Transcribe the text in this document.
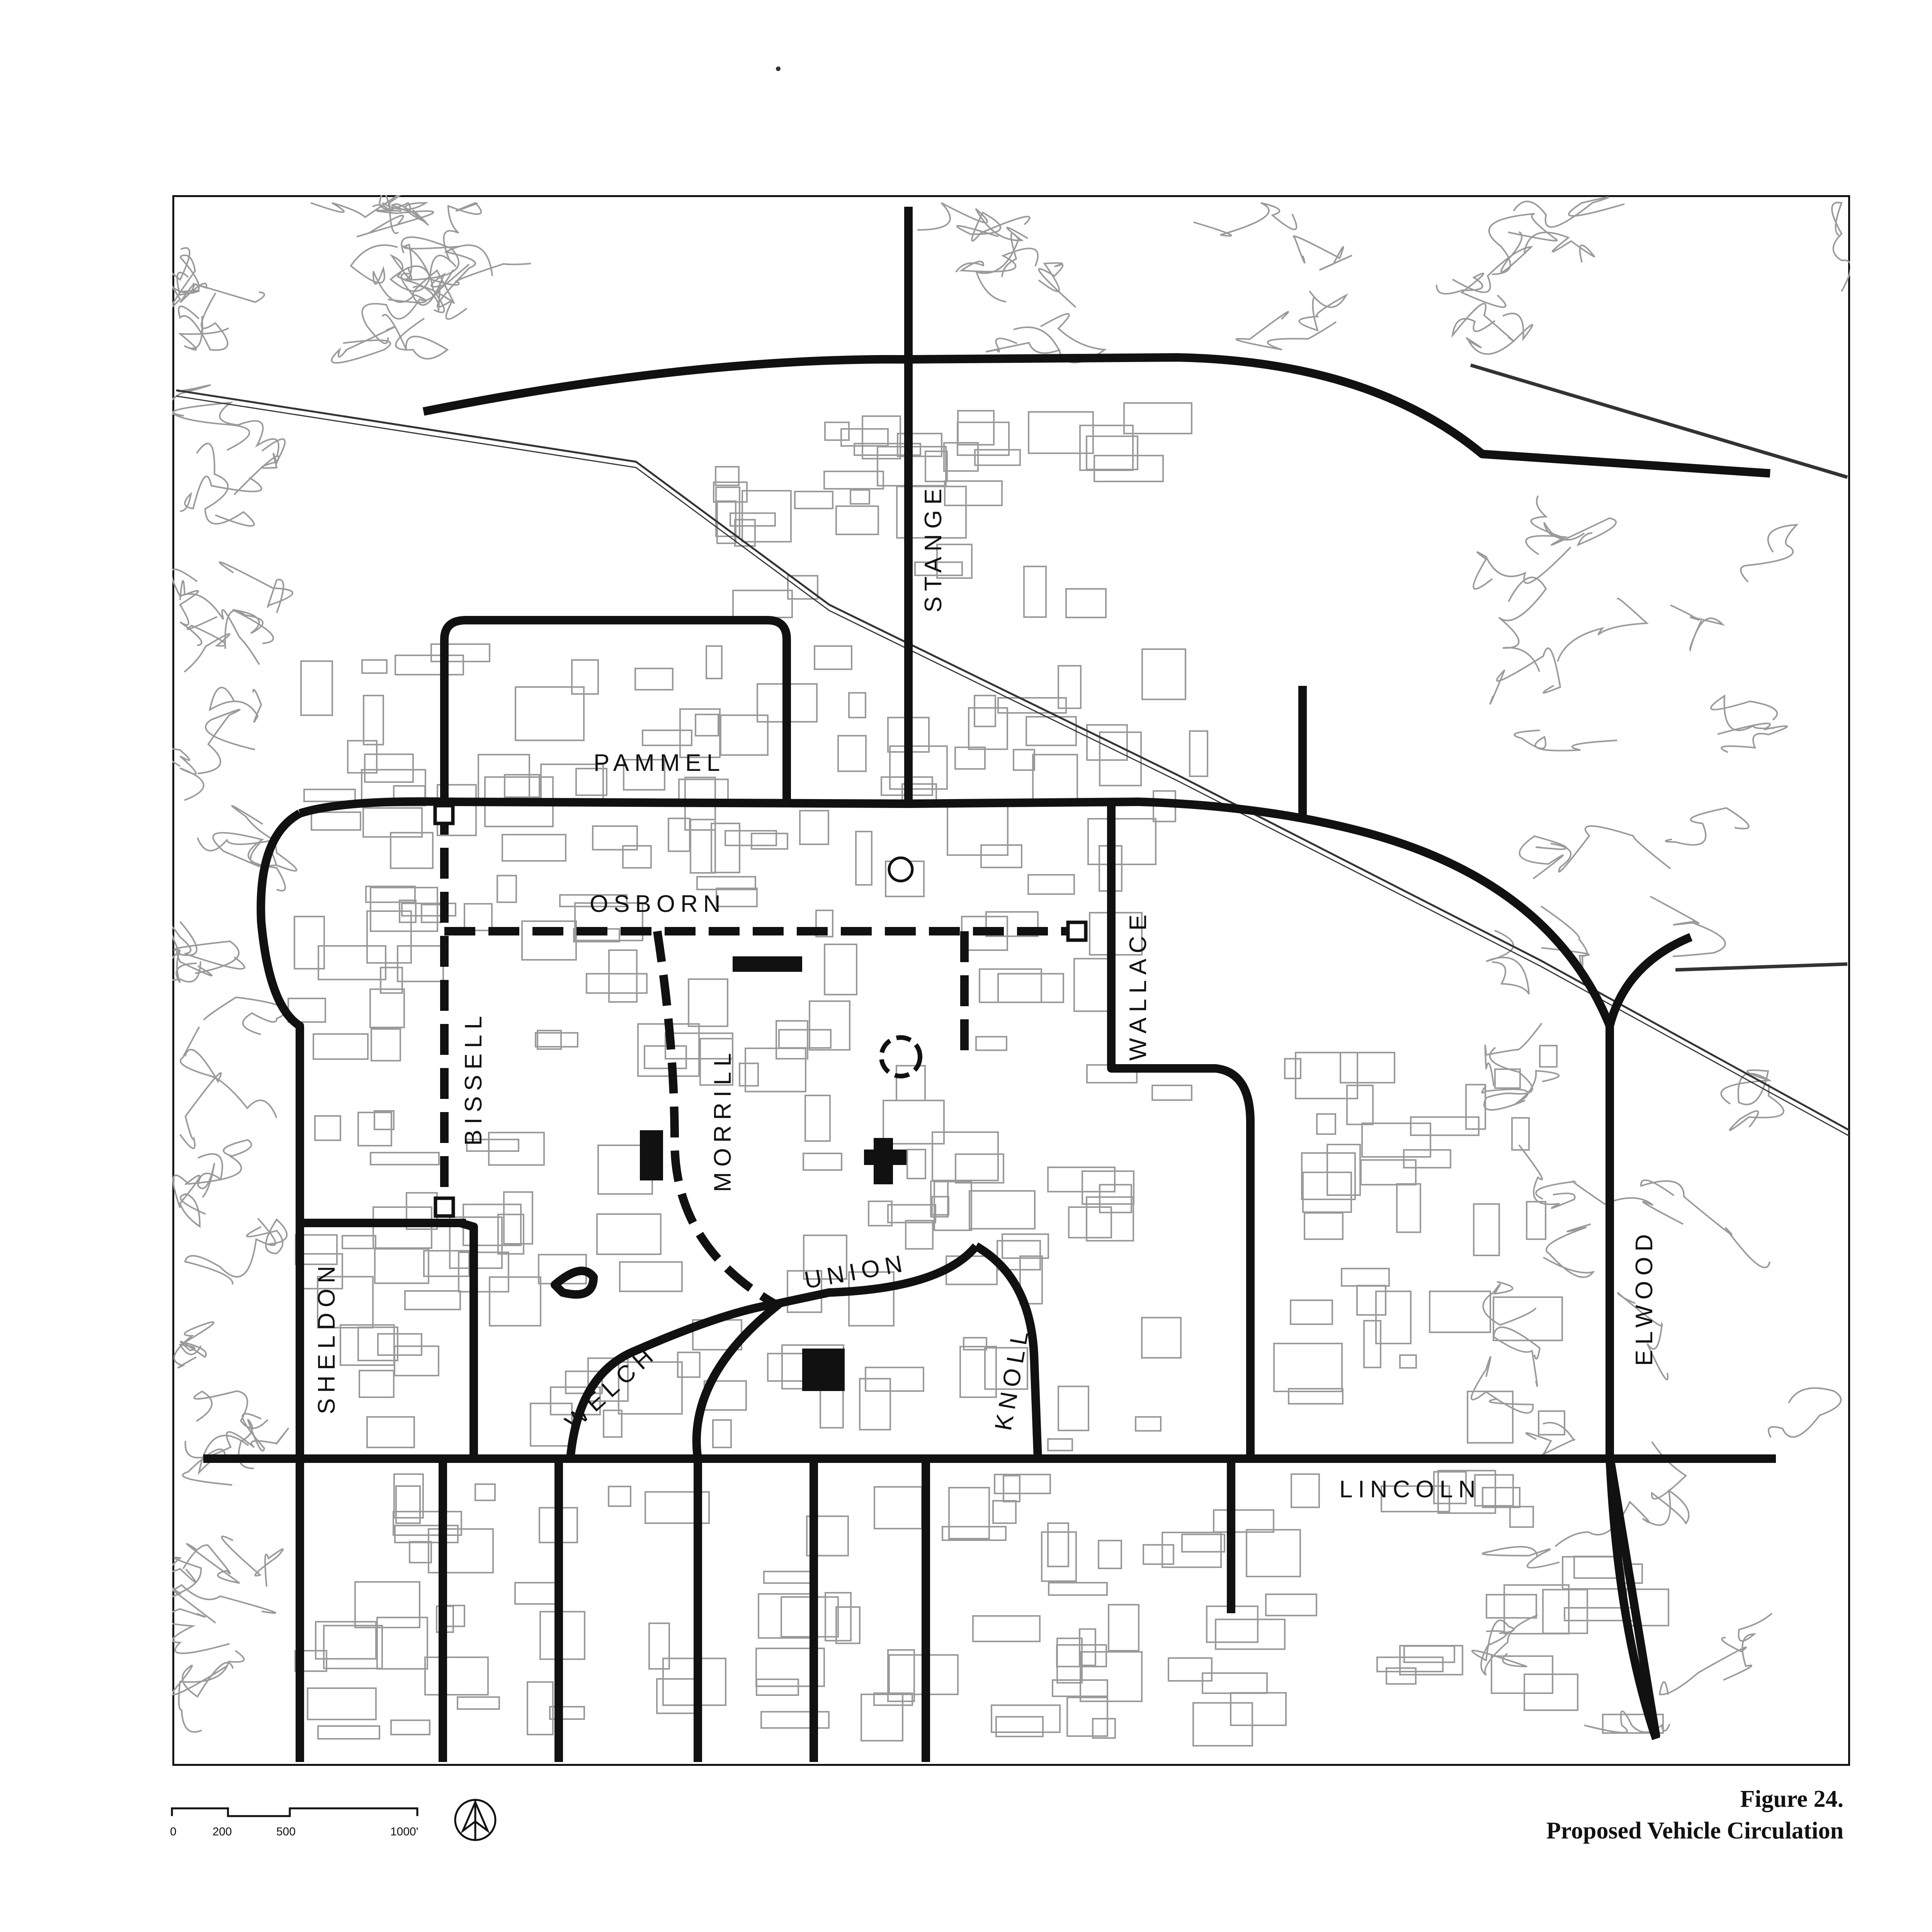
STANGE
PAMMEL
OSBORN
BISSELL	MORRILL
WALLACE
UNION
SHELDON	WELCH	KNOLL
LINCOLN
ELWOOD
0	200	500	1000'
Figure 24.
Proposed Vehicle Circulation
